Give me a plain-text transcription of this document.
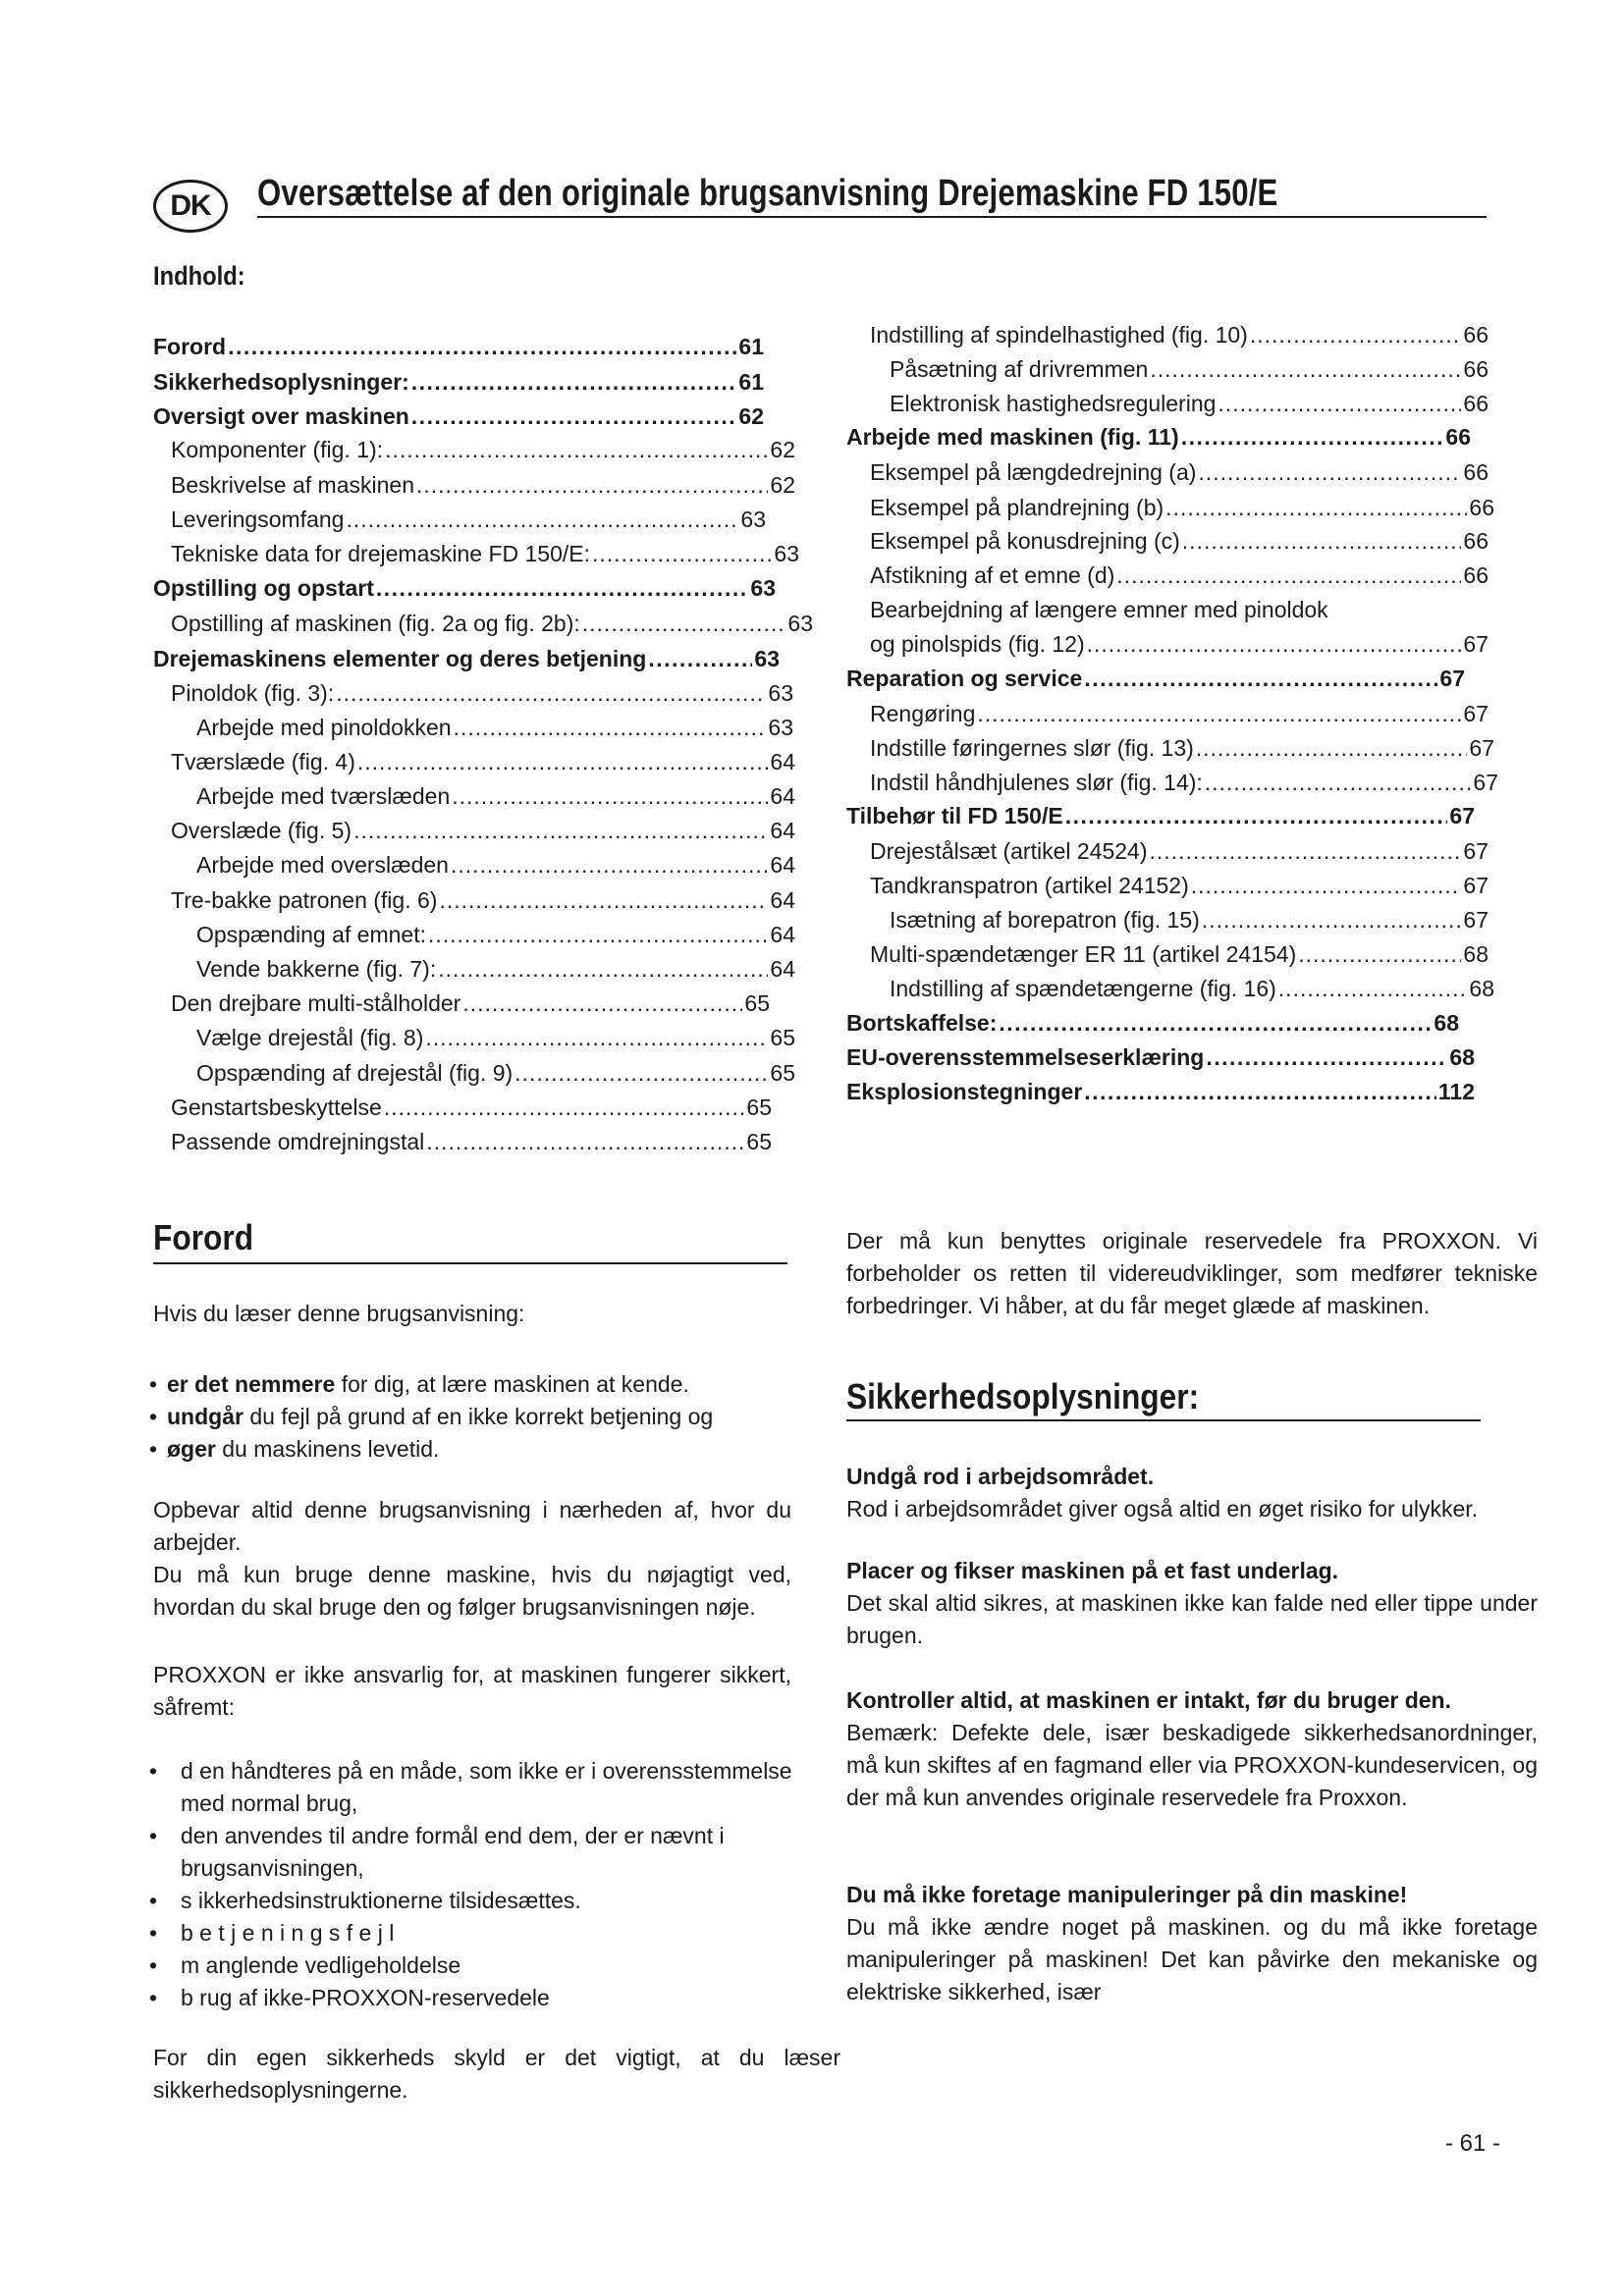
DK	Oversættelse af den originale brugsanvisning Drejemaskine FD 150/E
Indhold:
Forord .....	61
Sikkerhedsoplysninger: .....	61
Oversigt over maskinen .....	62
Komponenter (fig. 1): .....	62
Beskrivelse af maskinen .....	62
Leveringsomfang .....	63
Tekniske data for drejemaskine FD 150/E: .....	63
Opstilling og opstart .....	63
Opstilling af maskinen (fig. 2a og fig. 2b): .....	63
Drejemaskinens elementer og deres betjening .....	63
Pinoldok (fig. 3): .....	63
Arbejde med pinoldokken .....	63
Tværslæde (fig. 4) .....	64
Arbejde med tværslæden .....	64
Overslæde (fig. 5) .....	64
Arbejde med overslæden .....	64
Tre-bakke patronen (fig. 6) .....	64
Opspænding af emnet: .....	64
Vende bakkerne (fig. 7): .....	64
Den drejbare multi-stålholder .....	65
Vælge drejestål (fig. 8) .....	65
Opspænding af drejestål (fig. 9) .....	65
Genstartsbeskyttelse .....	65
Passende omdrejningstal .....	65
Indstilling af spindelhastighed (fig. 10) .....	66
Påsætning af drivremmen .....	66
Elektronisk hastighedsregulering .....	66
Arbejde med maskinen (fig. 11) .....	66
Eksempel på længdedrejning (a) .....	66
Eksempel på plandrejning (b) .....	66
Eksempel på konusdrejning (c) .....	66
Afstikning af et emne (d) .....	66
Bearbejdning af længere emner med pinoldok
og pinolspids (fig. 12) .....	67
Reparation og service .....	67
Rengøring .....	67
Indstille føringernes slør (fig. 13) .....	67
Indstil håndhjulenes slør (fig. 14): .....	67
Tilbehør til FD 150/E .....	67
Drejestålsæt (artikel 24524) .....	67
Tandkranspatron (artikel 24152) .....	67
Isætning af borepatron (fig. 15) .....	67
Multi-spændetænger ER 11 (artikel 24154) .....	68
Indstilling af spændetængerne (fig. 16) .....	68
Bortskaffelse: .....	68
EU-overensstemmelseserklæring .....	68
Eksplosionstegninger .....	112
Forord
Hvis du læser denne brugsanvisning:
• er det nemmere for dig, at lære maskinen at kende.
• undgår du fejl på grund af en ikke korrekt betjening og
• øger du maskinens levetid.
Opbevar altid denne brugsanvisning i nærheden af, hvor du arbejder.
Du må kun bruge denne maskine, hvis du nøjagtigt ved, hvordan du skal bruge den og følger brugsanvisningen nøje.
PROXXON er ikke ansvarlig for, at maskinen fungerer sikkert, såfremt:
• d en håndteres på en måde, som ikke er i overensstemmelse
med normal brug,
• den anvendes til andre formål end dem, der er nævnt i
brugsanvisningen,
• s ikkerhedsinstruktionerne tilsidesættes.
• b e t j e n i n g s f e j l
• m anglende vedligeholdelse
• b rug af ikke-PROXXON-reservedele
For din egen sikkerheds skyld er det vigtigt, at du læser sikkerhedsoplysningerne.
Der må kun benyttes originale reservedele fra PROXXON. Vi forbeholder os retten til videreudviklinger, som medfører tekniske forbedringer. Vi håber, at du får meget glæde af maskinen.
Sikkerhedsoplysninger:
Undgå rod i arbejdsområdet.
Rod i arbejdsområdet giver også altid en øget risiko for ulykker.
Placer og fikser maskinen på et fast underlag.
Det skal altid sikres, at maskinen ikke kan falde ned eller tippe under brugen.
Kontroller altid, at maskinen er intakt, før du bruger den.
Bemærk: Defekte dele, især beskadigede sikkerhedsanordninger, må kun skiftes af en fagmand eller via PROXXON-kundeservicen, og der må kun anvendes originale reservedele fra Proxxon.
Du må ikke foretage manipuleringer på din maskine!
Du må ikke ændre noget på maskinen. og du må ikke foretage manipuleringer på maskinen! Det kan påvirke den mekaniske og elektriske sikkerhed, især
- 61 -
